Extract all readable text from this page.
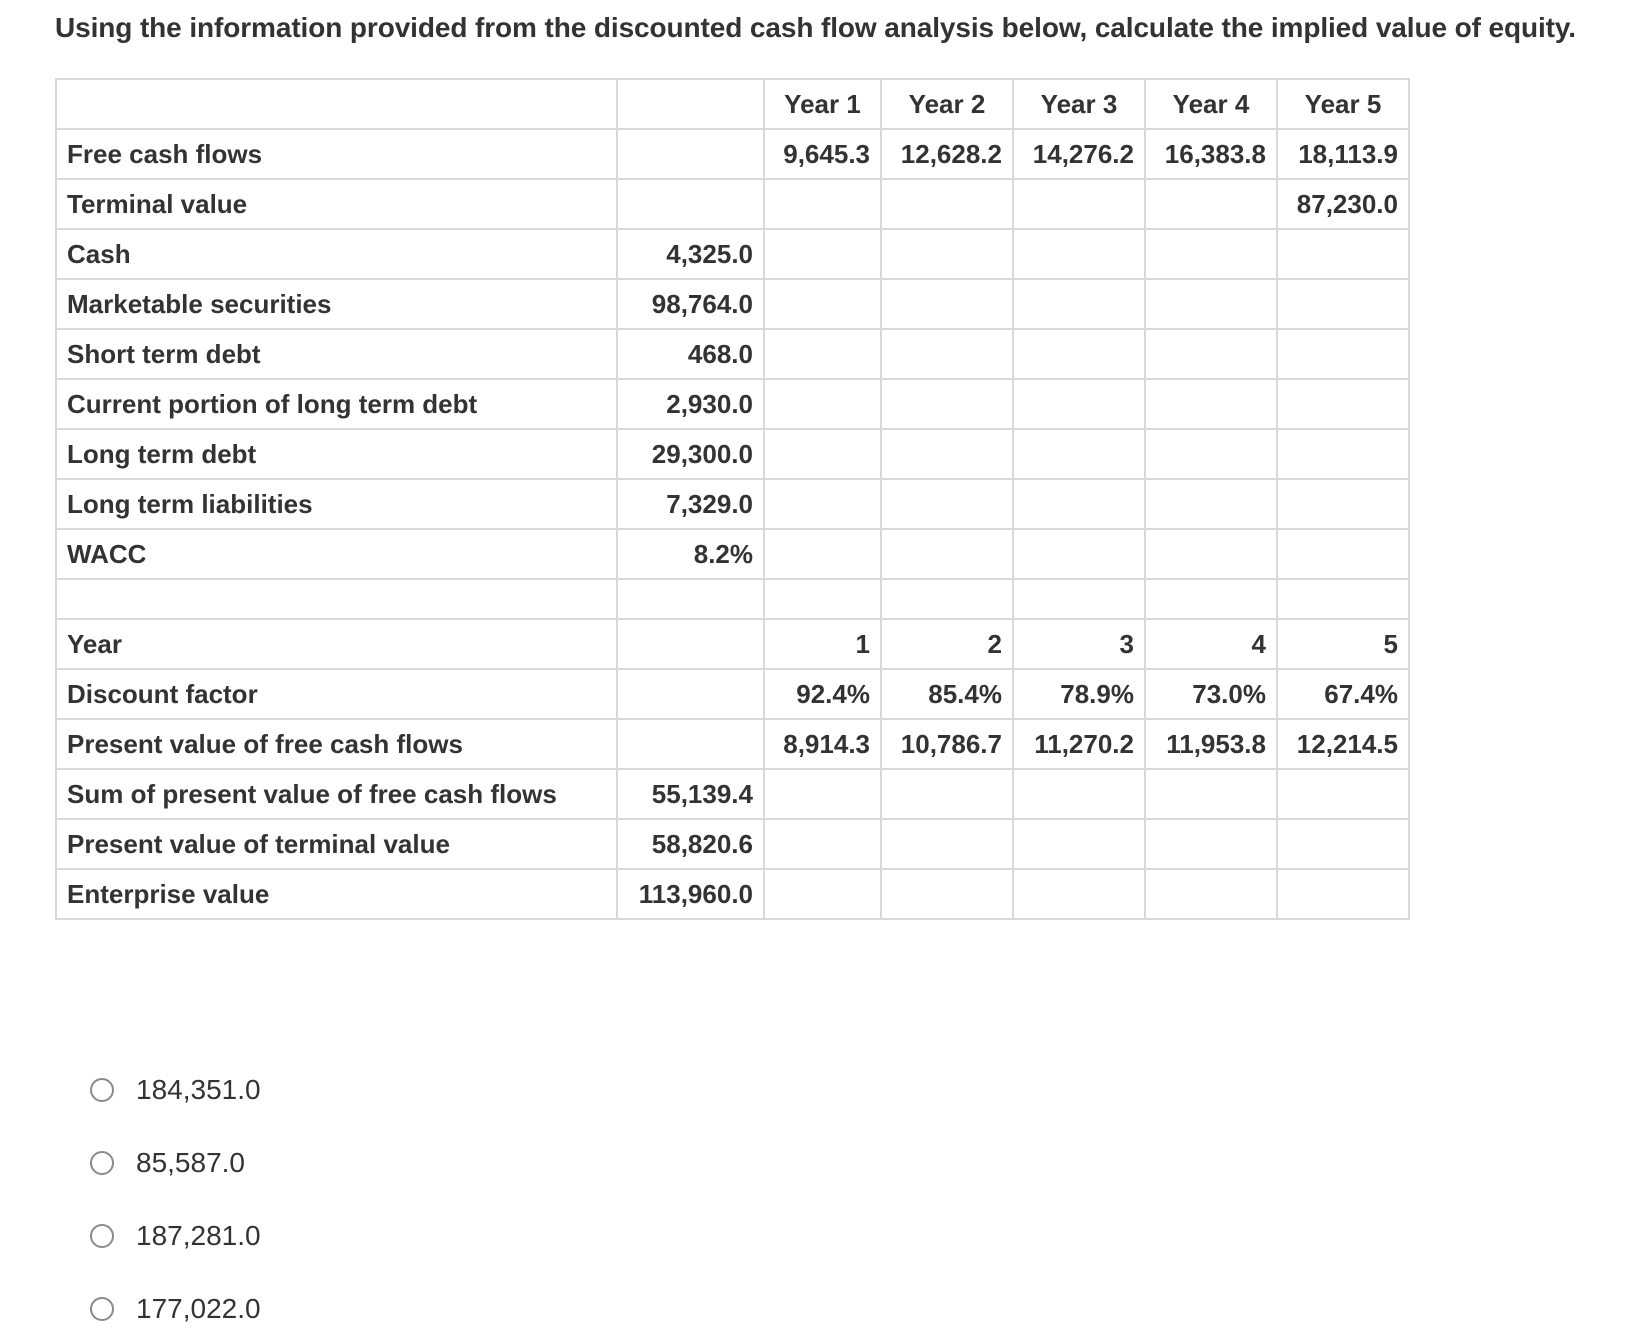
Using the information provided from the discounted cash flow analysis below, calculate the implied value of equity.
		Year 1	Year 2	Year 3	Year 4	Year 5
Free cash flows		9,645.3	12,628.2	14,276.2	16,383.8	18,113.9
Terminal value						87,230.0
Cash	4,325.0					
Marketable securities	98,764.0					
Short term debt	468.0					
Current portion of long term debt	2,930.0					
Long term debt	29,300.0					
Long term liabilities	7,329.0					
WACC	8.2%					

Year		1	2	3	4	5
Discount factor		92.4%	85.4%	78.9%	73.0%	67.4%
Present value of free cash flows		8,914.3	10,786.7	11,270.2	11,953.8	12,214.5
Sum of present value of free cash flows	55,139.4					
Present value of terminal value	58,820.6					
Enterprise value	113,960.0					
184,351.0
85,587.0
187,281.0
177,022.0
